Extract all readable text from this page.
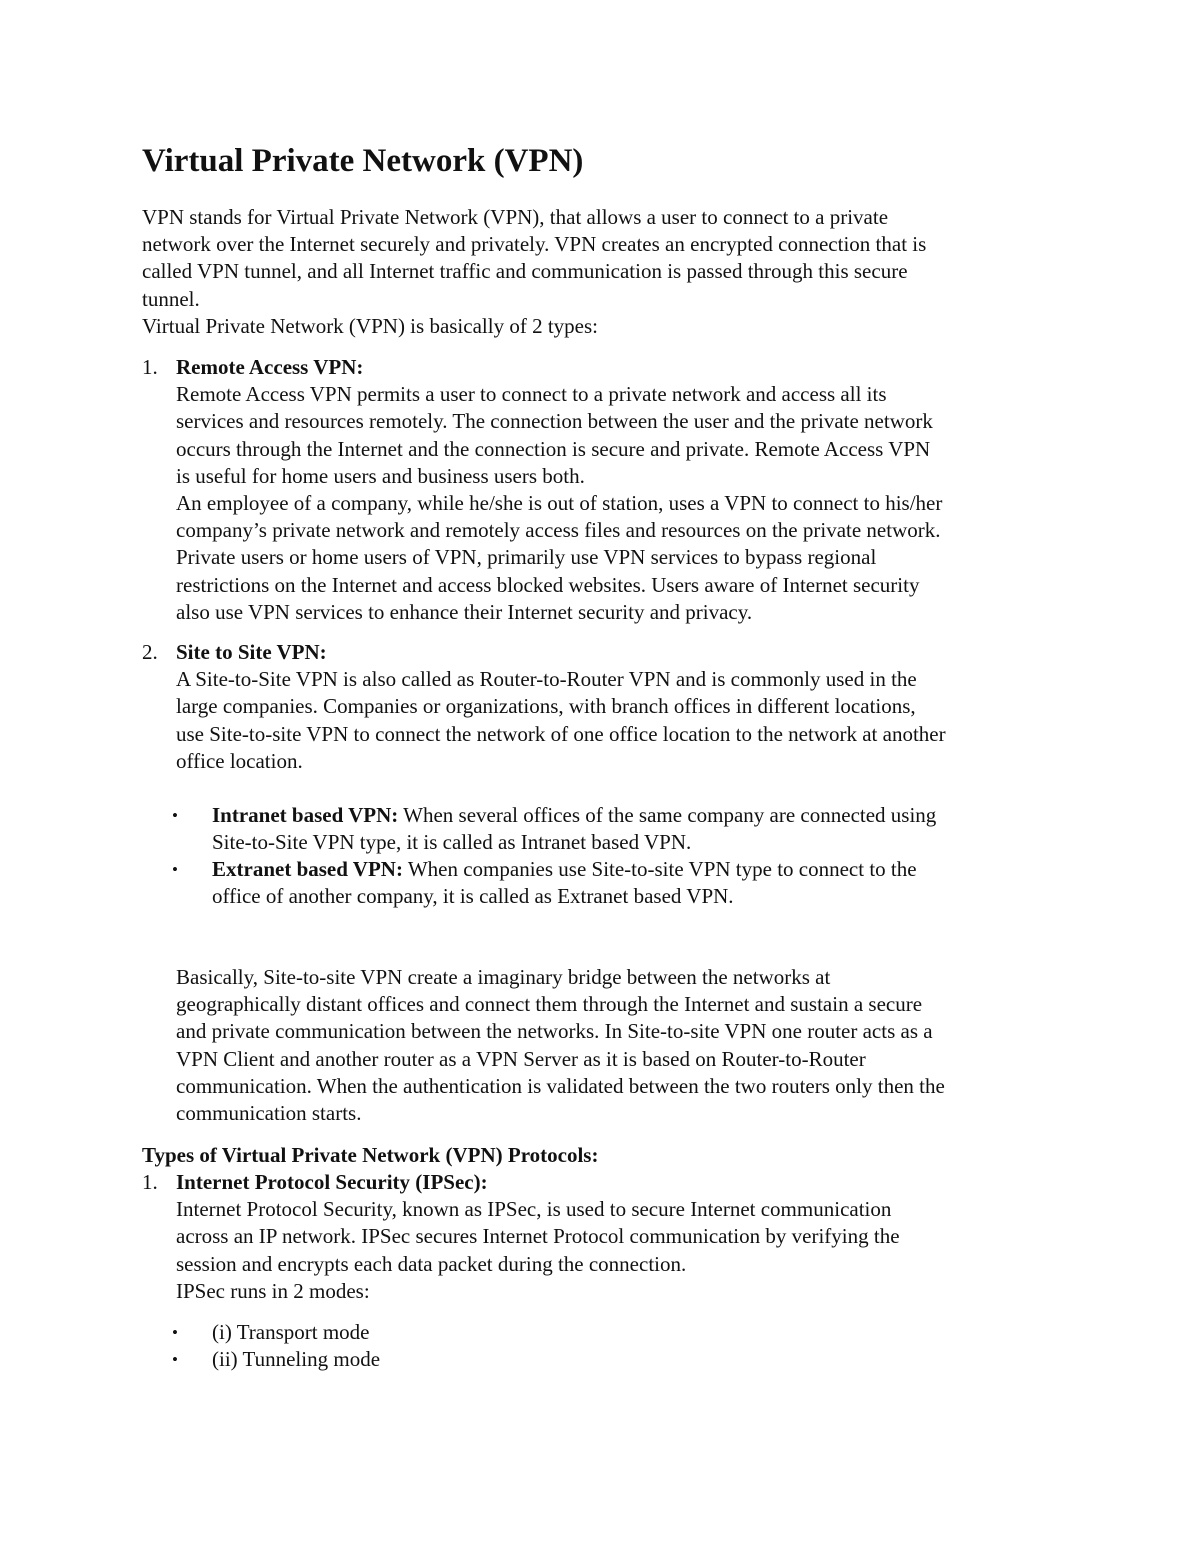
Virtual Private Network (VPN)
VPN stands for Virtual Private Network (VPN), that allows a user to connect to a private
network over the Internet securely and privately. VPN creates an encrypted connection that is
called VPN tunnel, and all Internet traffic and communication is passed through this secure
tunnel.
Virtual Private Network (VPN) is basically of 2 types:
1. Remote Access VPN:
Remote Access VPN permits a user to connect to a private network and access all its
services and resources remotely. The connection between the user and the private network
occurs through the Internet and the connection is secure and private. Remote Access VPN
is useful for home users and business users both.
An employee of a company, while he/she is out of station, uses a VPN to connect to his/her
company’s private network and remotely access files and resources on the private network.
Private users or home users of VPN, primarily use VPN services to bypass regional
restrictions on the Internet and access blocked websites. Users aware of Internet security
also use VPN services to enhance their Internet security and privacy.
2. Site to Site VPN:
A Site-to-Site VPN is also called as Router-to-Router VPN and is commonly used in the
large companies. Companies or organizations, with branch offices in different locations,
use Site-to-site VPN to connect the network of one office location to the network at another
office location.
• Intranet based VPN: When several offices of the same company are connected using
Site-to-Site VPN type, it is called as Intranet based VPN.
• Extranet based VPN: When companies use Site-to-site VPN type to connect to the
office of another company, it is called as Extranet based VPN.
Basically, Site-to-site VPN create a imaginary bridge between the networks at
geographically distant offices and connect them through the Internet and sustain a secure
and private communication between the networks. In Site-to-site VPN one router acts as a
VPN Client and another router as a VPN Server as it is based on Router-to-Router
communication. When the authentication is validated between the two routers only then the
communication starts.
Types of Virtual Private Network (VPN) Protocols:
1. Internet Protocol Security (IPSec):
Internet Protocol Security, known as IPSec, is used to secure Internet communication
across an IP network. IPSec secures Internet Protocol communication by verifying the
session and encrypts each data packet during the connection.
IPSec runs in 2 modes:
• (i) Transport mode
• (ii) Tunneling mode
